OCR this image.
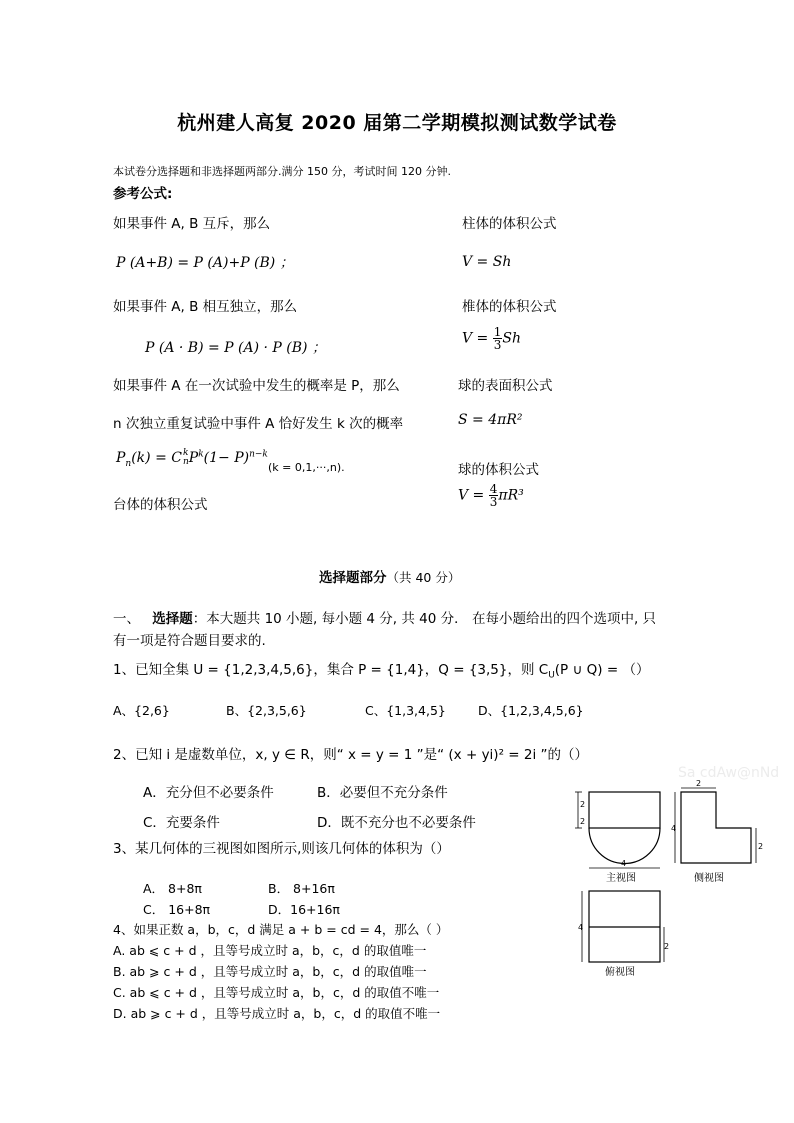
杭州建人高复 2020 届第二学期模拟测试数学试卷
本试卷分选择题和非选择题两部分.满分 150 分，考试时间 120 分钟.
参考公式:
如果事件 A, B 互斥，那么
P (A+B) = P (A)+P (B) ；
如果事件 A, B 相互独立，那么
P (A · B) = P (A) · P (B) ；
如果事件 A 在一次试验中发生的概率是 P，那么
n 次独立重复试验中事件 A 恰好发生 k 次的概率
$P_n(k) = C$ k
n $P^k(1- P)^{n-k}$
(k = 0,1,···,n).
台体的体积公式
柱体的体积公式
V = Sh
椎体的体积公式
$V = \frac{1}{3}$ Sh
球的表面积公式
S = 4πR²
球的体积公式
$V = \frac{4}{3} \pi R^3$
选择题部分（共 40 分）
一、 选择题：本大题共 10 小题, 每小题 4 分, 共 40 分． 在每小题给出的四个选项中, 只
有一项是符合题目要求的.
1、已知全集 U = {1,2,3,4,5,6}，集合 P = {1,4}，Q = {3,5}，则 $C_U(P$ ∪ Q) = （）
A、{2,6}	B、{2,3,5,6}	C、{1,3,4,5}	D、{1,2,3,4,5,6}
2、已知 i 是虚数单位，x, y ∈ R，则“ x = y = 1 ”是“ (x + yi)² = 2i ”的（）
A．充分但不必要条件	B．必要但不充分条件
C．充要条件	D．既不充分也不必要条件
3、某几何体的三视图如图所示,则该几何体的体积为（）
A． 8+8π	B． 8+16π
C． 16+8π	D．16+16π
4、如果正数 a，b，c，d 满足 a + b = cd = 4，那么（ ）
A. ab ⩽ c + d ，且等号成立时 a，b，c，d 的取值唯一
B. ab ⩾ c + d ，且等号成立时 a，b，c，d 的取值唯一
C. ab ⩽ c + d ，且等号成立时 a，b，c，d 的取值不唯一
D. ab ⩾ c + d ，且等号成立时 a，b，c，d 的取值不唯一
Sa cdAw@nNd
2
2
4
主视图
2
4
2
侧视图
4
2
俯视图
